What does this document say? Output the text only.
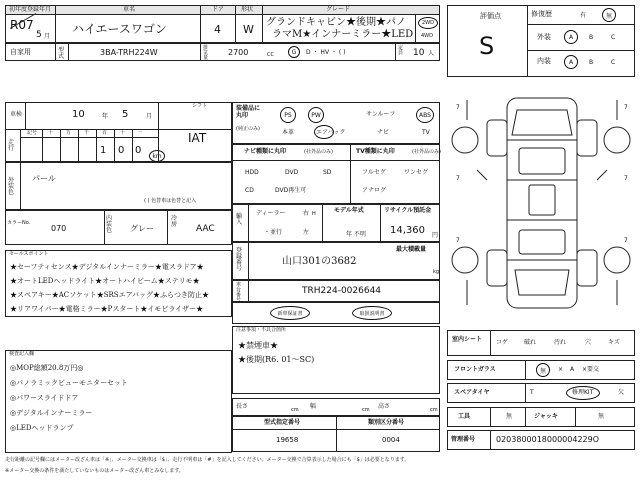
初年度登録年月
R07
5 月
車名
ハイエースワゴン
ドア
4
形状
W
グレード
グランドキャビン★後期★パノ
ラマM★インナーミラー★LED
2WD
4WD
自家用	型式	3BA-TRH224W	排気量
2700	CC	G	D ・ HV ・ ( )
定員 10 人
車検	10	年 5	月
シフト
IAT
走行
記号 十	万	千	百	十 一
1 0 0	km
外装色
パール
( ) 色替車は色替と記入
カラーNo.
070
内装色 グレー
冷房 AAC
セールスポイント
★セーフティセンス★デジタルインナーミラー★電スラドア★
★オートLEDヘッドライト★オートハイビーム★ステリモ★
★スペアキー★ACソケット★SRSエアバッグ★ふらつき防止★
★リアワイパー★電格ミラー★Pスタート★イモビライザー★
検査記入欄
◎MOP総額20.8万円◎
◎パノラミックビューモニターセット
◎パワースライドドア
◎デジタルインナーミラー
◎LEDヘッドランプ
装備品に丸印
(純正のみ)
PS	PW	サンルーフ	ABS
本革	エアバック	ナビ	TV
ナビ種類に丸印	(社外品のみ)
HDD	DVD	SD
CD	DVD再生可
TV種類に丸印	(社外品のみ)
フルセグ	ワンセグ
アナログ
輸入
ディーラー
・並行
右
左
H	モデル年式
年 不明
リサイクル預託金
14,360 円
登録番号
山口301の3682
最大積載量
kg
車台番号
TRH224-0026644
新車保証書	取扱説明書
注意事項・不具合箇所
★禁煙車★
★後期(R6. 01〜SC)
長さ	cm 幅	cm 高さ	cm
型式指定番号	類別区分番号
19658	0004
評価点
S
修復歴	有	無
外装	A	B	C
内装	A	B	C
7	7
7	7
7	7
室内シート コゲ	破れ	汚れ	穴	キズ
フロントガラス	無	× A ×要交
スペアタイヤ	T	修理KIT	欠
工具	無	ジャッキ	無
管理番号	0203800018000004229O
走行距離の記号欄にはメーター改ざん車は「※」、メーター交換車は「$」、走行不明車は「#」を記入してください。メーター交換で合算表示した場合にも「$」は必要となります。
※メーター交換の条件を満たしていないものはメーター改ざん車とみなします。
